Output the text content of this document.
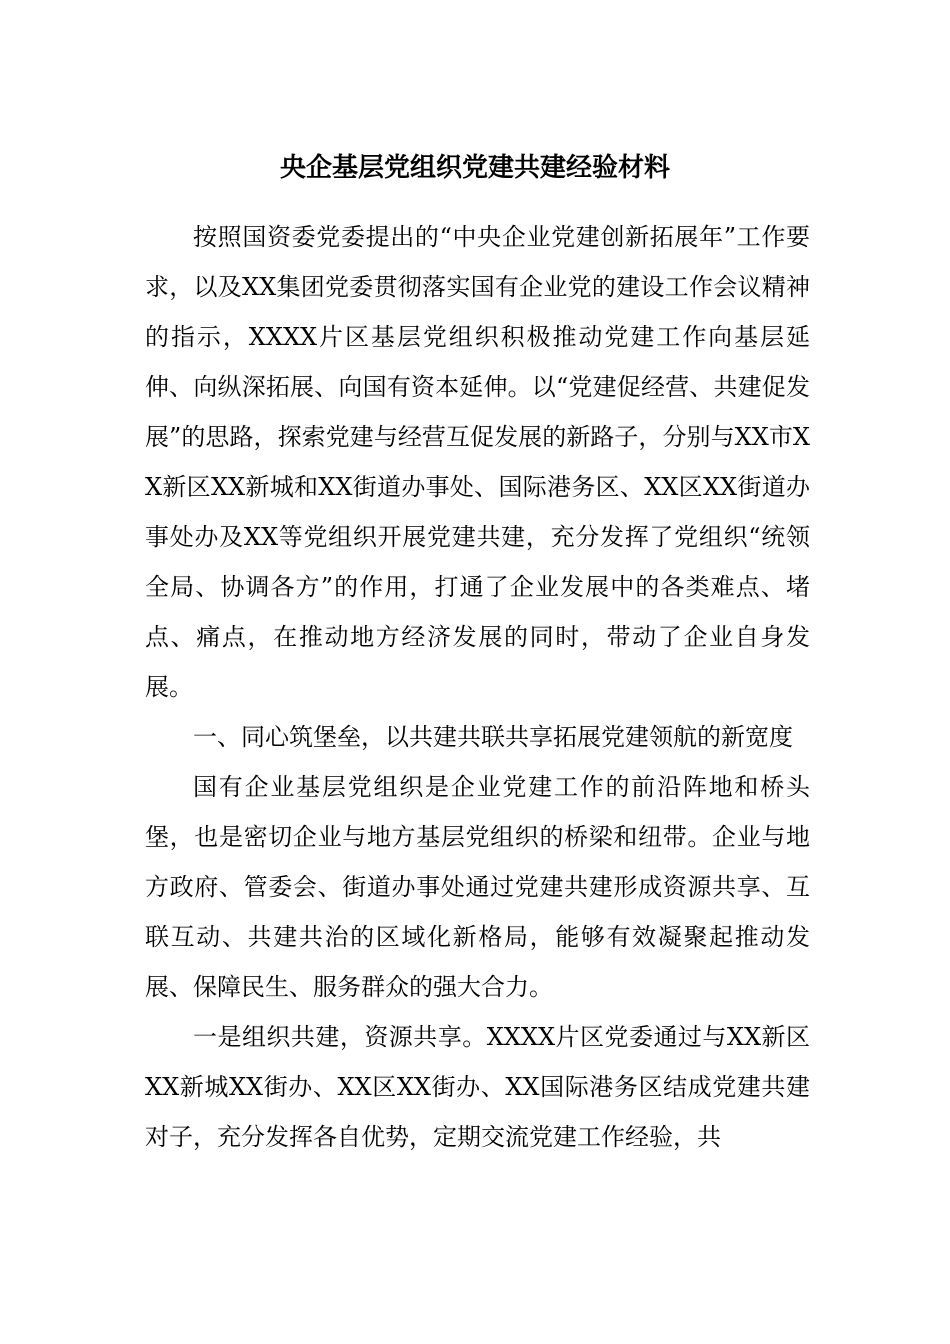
央企基层党组织党建共建经验材料

按照国资委党委提出的“中央企业党建创新拓展年”工作要求，以及XX集团党委贯彻落实国有企业党的建设工作会议精神的指示，XXXX片区基层党组织积极推动党建工作向基层延伸、向纵深拓展、向国有资本延伸。以“党建促经营、共建促发展”的思路，探索党建与经营互促发展的新路子，分别与XX市XX新区XX新城和XX街道办事处、国际港务区、XX区XX街道办事处办及XX等党组织开展党建共建，充分发挥了党组织“统领全局、协调各方”的作用，打通了企业发展中的各类难点、堵点、痛点，在推动地方经济发展的同时，带动了企业自身发展。

一、同心筑堡垒，以共建共联共享拓展党建领航的新宽度

国有企业基层党组织是企业党建工作的前沿阵地和桥头堡，也是密切企业与地方基层党组织的桥梁和纽带。企业与地方政府、管委会、街道办事处通过党建共建形成资源共享、互联互动、共建共治的区域化新格局，能够有效凝聚起推动发展、保障民生、服务群众的强大合力。

一是组织共建，资源共享。XXXX片区党委通过与XX新区XX新城XX街办、XX区XX街办、XX国际港务区结成党建共建对子，充分发挥各自优势，定期交流党建工作经验，共
